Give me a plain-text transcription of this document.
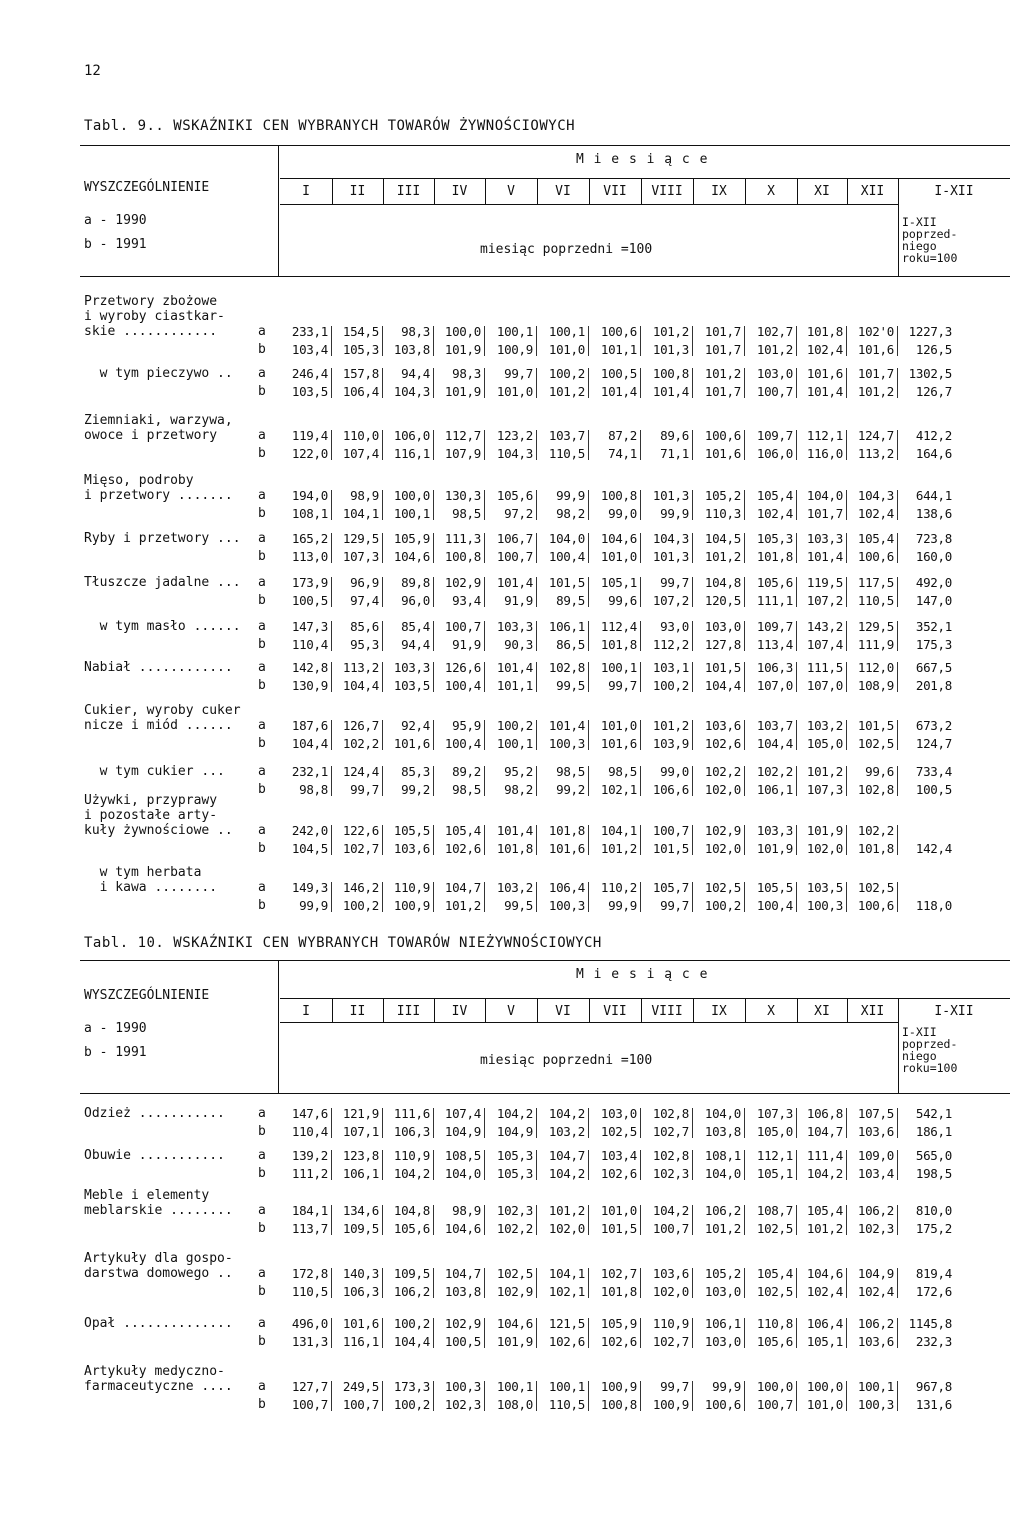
12
Tabl. 9.. WSKAŹNIKI CEN WYBRANYCH TOWARÓW ŻYWNOŚCIOWYCH
WYSZCZEGÓLNIENIE
a - 1990
b - 1991
M i e s i ą c e
I	II	III	IV	V	VI	VII	VIII	IX	X	XI	XII	I-XII
miesiąc poprzedni =100
I-XII
poprzed-
niego
roku=100
Przetwory zbożowe
i wyroby ciastkar-
skie ............	a
b
233,1	154,5	98,3	100,0	100,1	100,1	100,6	101,2	101,7	102,7	101,8	102'0	1227,3
103,4	105,3	103,8	101,9	100,9	101,0	101,1	101,3	101,7	101,2	102,4	101,6	126,5
w tym pieczywo .. a
b
246,4	157,8	94,4	98,3	99,7	100,2	100,5	100,8	101,2	103,0	101,6	101,7	1302,5
103,5	106,4	104,3	101,9	101,0	101,2	101,4	101,4	101,7	100,7	101,4	101,2	126,7
Ziemniaki, warzywa,
owoce i przetwory	a
b
119,4	110,0	106,0	112,7	123,2	103,7	87,2	89,6	100,6	109,7	112,1	124,7	412,2
122,0	107,4	116,1	107,9	104,3	110,5	74,1	71,1	101,6	106,0	116,0	113,2	164,6
Mięso, podroby
i przetwory ....... a
b
194,0	98,9	100,0	130,3	105,6	99,9	100,8	101,3	105,2	105,4	104,0	104,3	644,1
108,1	104,1	100,1	98,5	97,2	98,2	99,0	99,9	110,3	102,4	101,7	102,4	138,6
Ryby i przetwory ... a
b
165,2	129,5	105,9	111,3	106,7	104,0	104,6	104,3	104,5	105,3	103,3	105,4	723,8
113,0	107,3	104,6	100,8	100,7	100,4	101,0	101,3	101,2	101,8	101,4	100,6	160,0
Tłuszcze jadalne ... a
b
173,9	96,9	89,8	102,9	101,4	101,5	105,1	99,7	104,8	105,6	119,5	117,5	492,0
100,5	97,4	96,0	93,4	91,9	89,5	99,6	107,2	120,5	111,1	107,2	110,5	147,0
w tym masło ...... a
b
147,3	85,6	85,4	100,7	103,3	106,1	112,4	93,0	103,0	109,7	143,2	129,5	352,1
110,4	95,3	94,4	91,9	90,3	86,5	101,8	112,2	127,8	113,4	107,4	111,9	175,3
Nabiał ............ a
b
142,8	113,2	103,3	126,6	101,4	102,8	100,1	103,1	101,5	106,3	111,5	112,0	667,5
130,9	104,4	103,5	100,4	101,1	99,5	99,7	100,2	104,4	107,0	107,0	108,9	201,8
Cukier, wyroby cuker
nicze i miód ......	a
b
187,6	126,7	92,4	95,9	100,2	101,4	101,0	101,2	103,6	103,7	103,2	101,5	673,2
104,4	102,2	101,6	100,4	100,1	100,3	101,6	103,9	102,6	104,4	105,0	102,5	124,7
w tym cukier ...	a
b
232,1	124,4	85,3	89,2	95,2	98,5	98,5	99,0	102,2	102,2	101,2	99,6	733,4
98,8	99,7	99,2	98,5	98,2	99,2	102,1	106,6	102,0	106,1	107,3	102,8	100,5
Używki, przyprawy
i pozostałe arty-
kuły żywnościowe .. a
b
242,0	122,6	105,5	105,4	101,4	101,8	104,1	100,7	102,9	103,3	101,9	102,2
104,5	102,7	103,6	102,6	101,8	101,6	101,2	101,5	102,0	101,9	102,0	101,8	142,4
w tym herbata
i kawa ........	a
b
149,3	146,2	110,9	104,7	103,2	106,4	110,2	105,7	102,5	105,5	103,5	102,5
99,9	100,2	100,9	101,2	99,5	100,3	99,9	99,7	100,2	100,4	100,3	100,6	118,0
Tabl. 10. WSKAŹNIKI CEN WYBRANYCH TOWARÓW NIEŻYWNOŚCIOWYCH
WYSZCZEGÓLNIENIE
a - 1990
b - 1991
M i e s i ą c e
I	II	III	IV	V	VI	VII	VIII	IX	X	XI	XII	I-XII
miesiąc poprzedni =100
I-XII
poprzed-
niego
roku=100
Odzież ...........	a
b
147,6	121,9	111,6	107,4	104,2	104,2	103,0	102,8	104,0	107,3	106,8	107,5	542,1
110,4	107,1	106,3	104,9	104,9	103,2	102,5	102,7	103,8	105,0	104,7	103,6	186,1
Obuwie ...........	a
b
139,2	123,8	110,9	108,5	105,3	104,7	103,4	102,8	108,1	112,1	111,4	109,0	565,0
111,2	106,1	104,2	104,0	105,3	104,2	102,6	102,3	104,0	105,1	104,2	103,4	198,5
Meble i elementy
meblarskie ........ a
b
184,1	134,6	104,8	98,9	102,3	101,2	101,0	104,2	106,2	108,7	105,4	106,2	810,0
113,7	109,5	105,6	104,6	102,2	102,0	101,5	100,7	101,2	102,5	101,2	102,3	175,2
Artykuły dla gospo-
darstwa domowego .. a
b
172,8	140,3	109,5	104,7	102,5	104,1	102,7	103,6	105,2	105,4	104,6	104,9	819,4
110,5	106,3	106,2	103,8	102,9	102,1	101,8	102,0	103,0	102,5	102,4	102,4	172,6
Opał .............. a
b
496,0	101,6	100,2	102,9	104,6	121,5	105,9	110,9	106,1	110,8	106,4	106,2	1145,8
131,3	116,1	104,4	100,5	101,9	102,6	102,6	102,7	103,0	105,6	105,1	103,6	232,3
Artykuły medyczno-
farmaceutyczne .... a
b
127,7	249,5	173,3	100,3	100,1	100,1	100,9	99,7	99,9	100,0	100,0	100,1	967,8
100,7	100,7	100,2	102,3	108,0	110,5	100,8	100,9	100,6	100,7	101,0	100,3	131,6
